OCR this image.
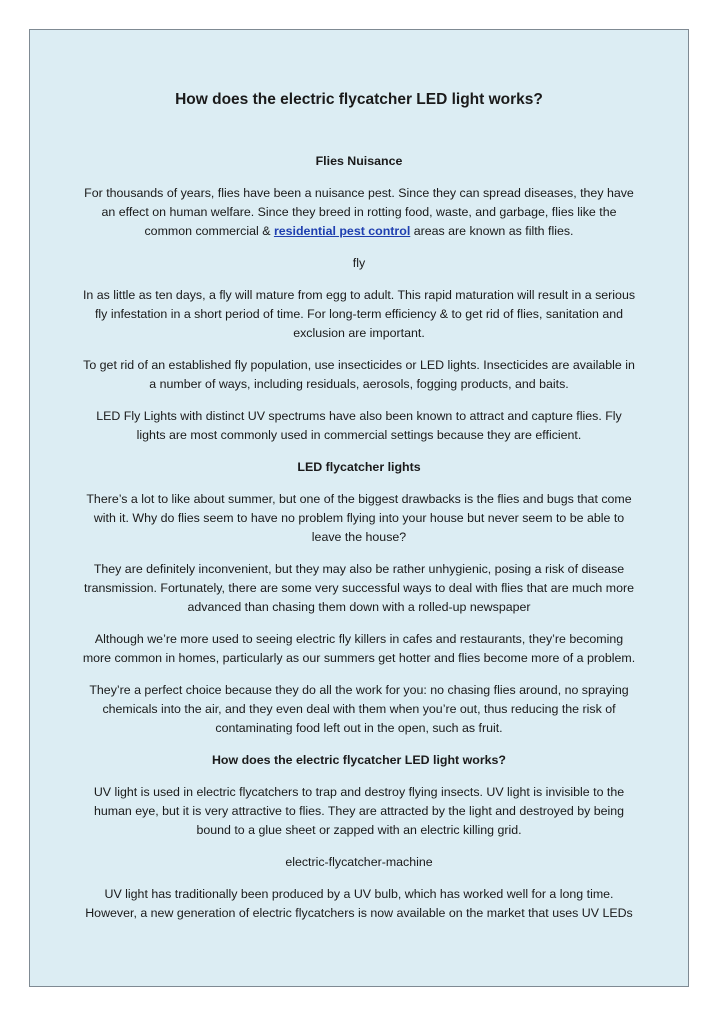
How does the electric flycatcher LED light works?
Flies Nuisance

For thousands of years, flies have been a nuisance pest. Since they can spread diseases, they have an effect on human welfare. Since they breed in rotting food, waste, and garbage, flies like the common commercial & residential pest control areas are known as filth flies.

fly

In as little as ten days, a fly will mature from egg to adult. This rapid maturation will result in a serious fly infestation in a short period of time. For long-term efficiency & to get rid of flies, sanitation and exclusion are important.

To get rid of an established fly population, use insecticides or LED lights. Insecticides are available in a number of ways, including residuals, aerosols, fogging products, and baits.

LED Fly Lights with distinct UV spectrums have also been known to attract and capture flies. Fly lights are most commonly used in commercial settings because they are efficient.

LED flycatcher lights

There’s a lot to like about summer, but one of the biggest drawbacks is the flies and bugs that come with it. Why do flies seem to have no problem flying into your house but never seem to be able to leave the house?

They are definitely inconvenient, but they may also be rather unhygienic, posing a risk of disease transmission. Fortunately, there are some very successful ways to deal with flies that are much more advanced than chasing them down with a rolled-up newspaper

Although we’re more used to seeing electric fly killers in cafes and restaurants, they’re becoming more common in homes, particularly as our summers get hotter and flies become more of a problem.

They’re a perfect choice because they do all the work for you: no chasing flies around, no spraying chemicals into the air, and they even deal with them when you’re out, thus reducing the risk of contaminating food left out in the open, such as fruit.

How does the electric flycatcher LED light works?

UV light is used in electric flycatchers to trap and destroy flying insects. UV light is invisible to the human eye, but it is very attractive to flies. They are attracted by the light and destroyed by being bound to a glue sheet or zapped with an electric killing grid.

electric-flycatcher-machine

UV light has traditionally been produced by a UV bulb, which has worked well for a long time. However, a new generation of electric flycatchers is now available on the market that uses UV LEDs
